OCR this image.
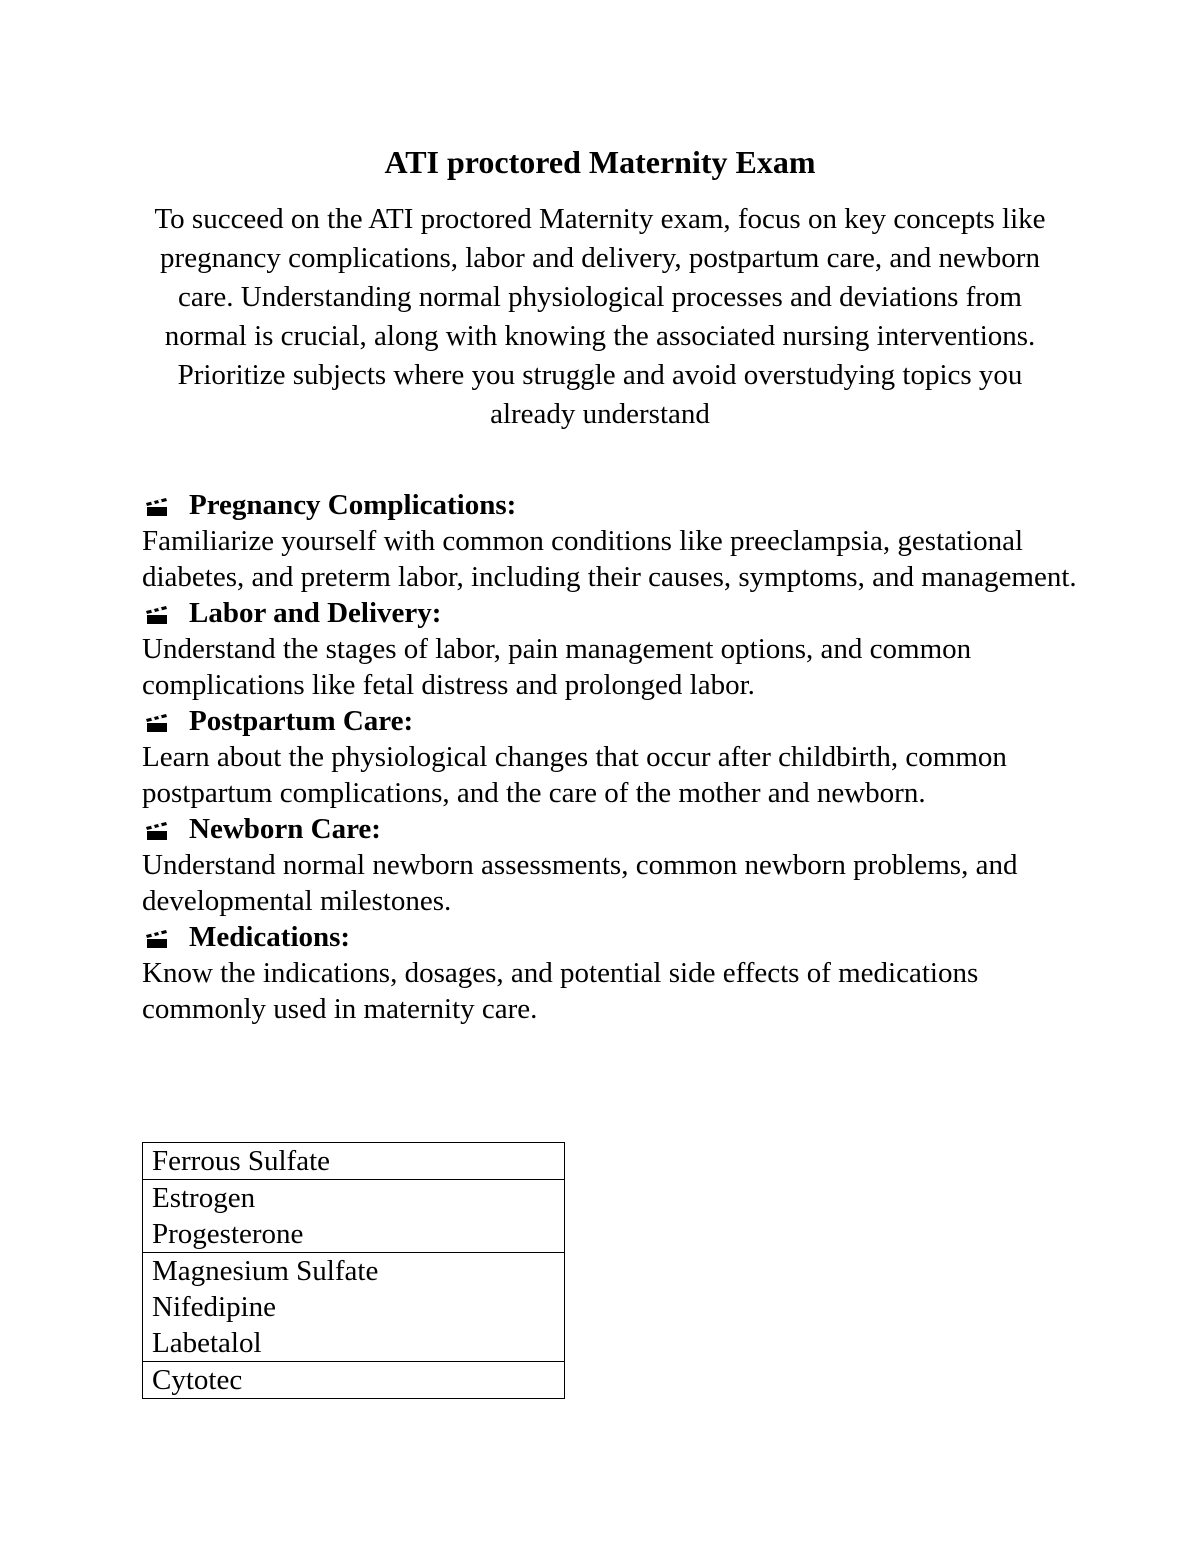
ATI proctored Maternity Exam

To succeed on the ATI proctored Maternity exam, focus on key concepts like pregnancy complications, labor and delivery, postpartum care, and newborn care. Understanding normal physiological processes and deviations from normal is crucial, along with knowing the associated nursing interventions. Prioritize subjects where you struggle and avoid overstudying topics you already understand

Pregnancy Complications:

Familiarize yourself with common conditions like preeclampsia, gestational diabetes, and preterm labor, including their causes, symptoms, and management.

Labor and Delivery:

Understand the stages of labor, pain management options, and common complications like fetal distress and prolonged labor.

Postpartum Care:

Learn about the physiological changes that occur after childbirth, common postpartum complications, and the care of the mother and newborn.

Newborn Care:

Understand normal newborn assessments, common newborn problems, and developmental milestones.

Medications:

Know the indications, dosages, and potential side effects of medications commonly used in maternity care.

Ferrous Sulfate

Estrogen
Progesterone

Magnesium Sulfate
Nifedipine
Labetalol

Cytotec
